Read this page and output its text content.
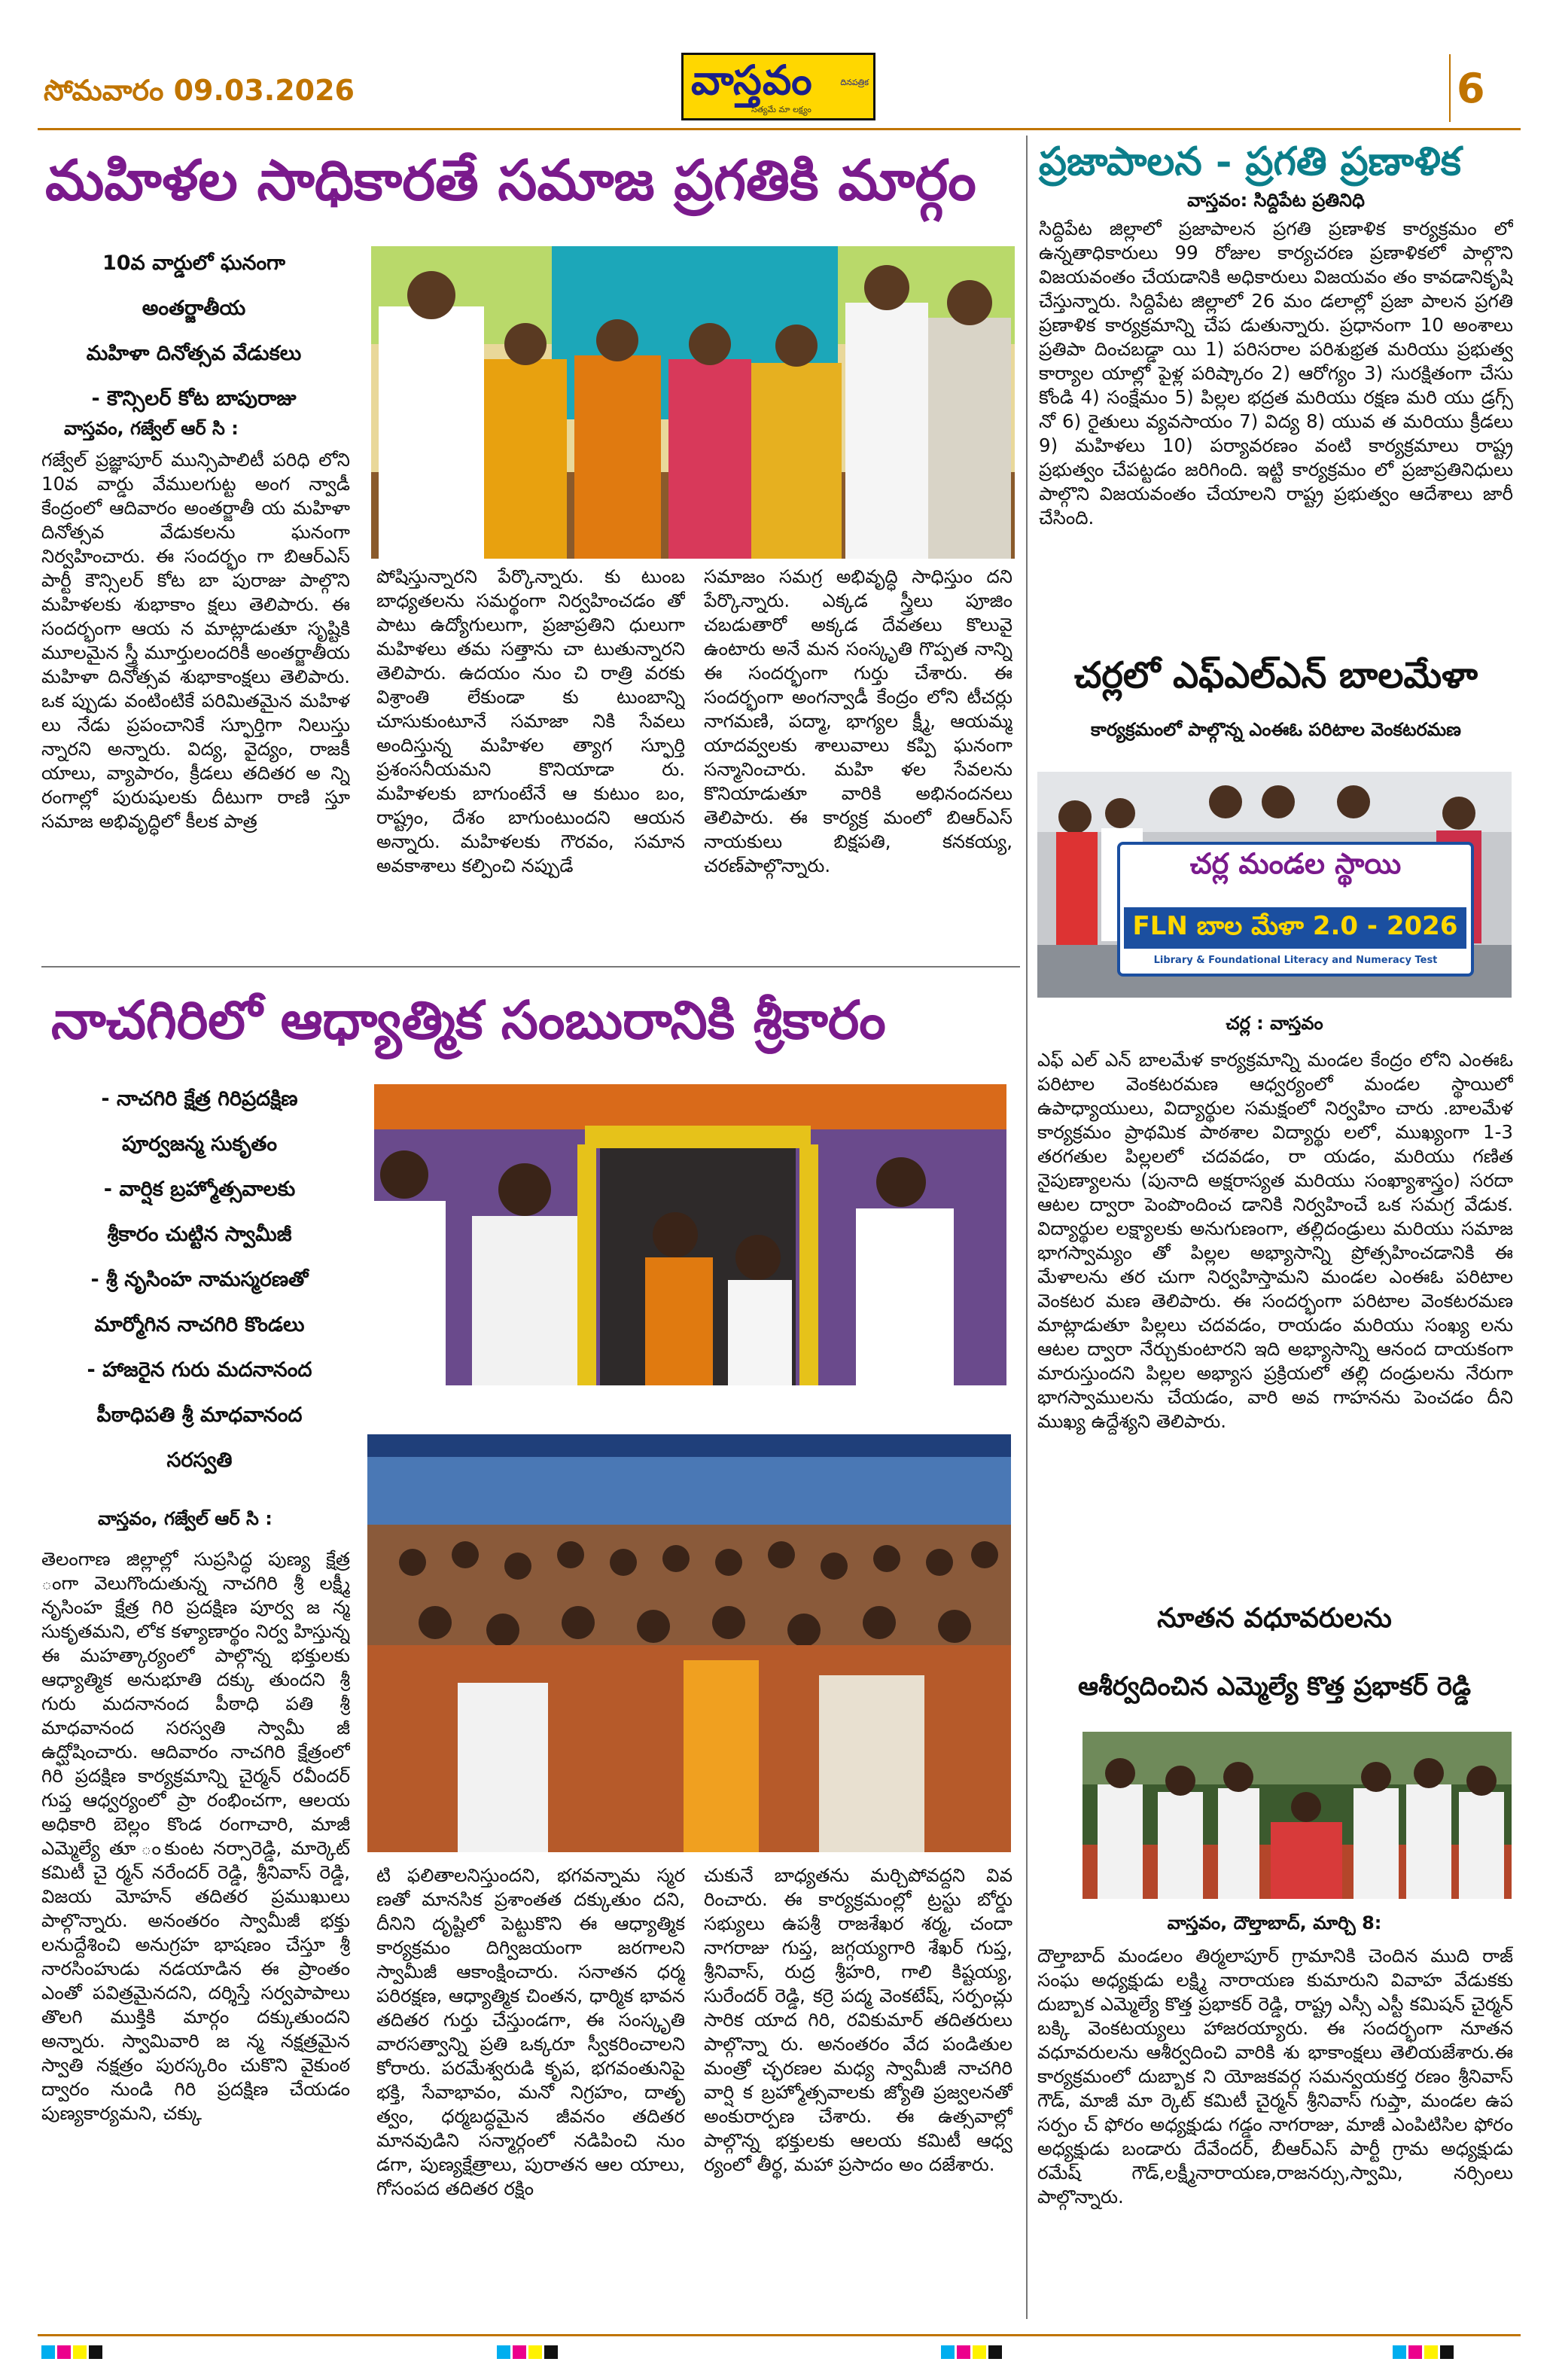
సోమవారం 09.03.2026	వాస్తవం	దినపత్రిక
సత్యమే మా లక్ష్యం	6
మహిళల సాధికారతే సమాజ ప్రగతికి మార్గం
10వ వార్డులో ఘనంగా
అంతర్జాతీయ
మహిళా దినోత్సవ వేడుకలు
- కౌన్సిలర్ కోట బాపురాజు
వాస్తవం, గజ్వేల్ ఆర్ సి :
గజ్వేల్ ప్రజ్ఞాపూర్ మున్సిపాలిటీ పరిధి లోని 10వ వార్డు వేములగుట్ట అంగ న్వాడీ కేంద్రంలో ఆదివారం అంతర్జాతీ య మహిళా దినోత్సవ వేడుకలను ఘనంగా నిర్వహించారు. ఈ సందర్భం గా బిఆర్ఎస్ పార్టీ కౌన్సిలర్ కోట బా పురాజు పాల్గొని మహిళలకు శుభాకాం క్షలు తెలిపారు. ఈ సందర్భంగా ఆయ న మాట్లాడుతూ సృష్టికి మూలమైన స్త్రీ మూర్తులందరికీ అంతర్జాతీయ మహిళా దినోత్సవ శుభాకాంక్షలు తెలిపారు. ఒక ప్పుడు వంటింటికే పరిమితమైన మహిళ లు నేడు ప్రపంచానికే స్ఫూర్తిగా నిలుస్తు న్నారని అన్నారు. విద్య, వైద్యం, రాజకీ యాలు, వ్యాపారం, క్రీడలు తదితర అ న్ని రంగాల్లో పురుషులకు దీటుగా రాణి స్తూ సమాజ అభివృద్ధిలో కీలక పాత్ర
పోషిస్తున్నారని పేర్కొన్నారు. కు టుంబ బాధ్యతలను సమర్థంగా నిర్వహించడం తో పాటు ఉద్యోగులుగా, ప్రజాప్రతిని ధులుగా మహిళలు తమ సత్తాను చా టుతున్నారని తెలిపారు. ఉదయం నుం చి రాత్రి వరకు విశ్రాంతి లేకుండా కు టుంబాన్ని చూసుకుంటూనే సమాజా నికి సేవలు అందిస్తున్న మహిళల త్యాగ స్ఫూర్తి ప్రశంసనీయమని కొనియాడా రు. మహిళలకు బాగుంటేనే ఆ కుటుం బం, రాష్ట్రం, దేశం బాగుంటుందని ఆయన అన్నారు. మహిళలకు గౌరవం, సమాన అవకాశాలు కల్పించి నప్పుడే
సమాజం సమగ్ర అభివృద్ధి సాధిస్తుం దని పేర్కొన్నారు. ఎక్కడ స్త్రీలు పూజిం చబడుతారో అక్కడ దేవతలు కొలువై ఉంటారు అనే మన సంస్కృతి గొప్పత నాన్ని ఈ సందర్భంగా గుర్తు చేశారు. ఈ సందర్భంగా అంగన్వాడీ కేంద్రం లోని టీచర్లు నాగమణి, పద్మా, భాగ్యల క్ష్మీ, ఆయమ్మ యాదవ్వలకు శాలువాలు కప్పి ఘనంగా సన్మానించారు. మహి ళల సేవలను కొనియాడుతూ వారికి అభినందనలు తెలిపారు. ఈ కార్యక్ర మంలో బిఆర్ఎస్ నాయకులు బిక్షపతి, కనకయ్య, చరణ్‌పాల్గొన్నారు.
ప్రజాపాలన - ప్రగతి ప్రణాళిక
వాస్తవం: సిద్దిపేట ప్రతినిధి
సిద్దిపేట జిల్లాలో ప్రజాపాలన ప్రగతి ప్రణాళిక కార్యక్రమం లో ఉన్నతాధికారులు 99 రోజుల కార్యచరణ ప్రణాళికలో పాల్గొని విజయవంతం చేయడానికి అధికారులు విజయవం తం కావడానికృషి చేస్తున్నారు. సిద్దిపేట జిల్లాలో 26 మం డలాల్లో ప్రజా పాలన ప్రగతి ప్రణాళిక కార్యక్రమాన్ని చేప డుతున్నారు. ప్రధానంగా 10 అంశాలు ప్రతిపా దించబడ్డా యి 1) పరిసరాల పరిశుభ్రత మరియు ప్రభుత్వ కార్యాల యాల్లో పైళ్ల పరిష్కారం 2) ఆరోగ్యం 3) సురక్షితంగా చేసు కోండి 4) సంక్షేమం 5) పిల్లల భద్రత మరియు రక్షణ మరి యు డ్రగ్స్ నో 6) రైతులు వ్యవసాయం 7) విద్య 8) యువ త మరియు క్రీడలు 9) మహిళలు 10) పర్యావరణం వంటి కార్యక్రమాలు రాష్ట్ర ప్రభుత్వం చేపట్టడం జరిగింది. ఇట్టి కార్యక్రమం లో ప్రజాప్రతినిధులు పాల్గొని విజయవంతం చేయాలని రాష్ట్ర ప్రభుత్వం ఆదేశాలు జారీ చేసింది.
చర్లలో ఎఫ్ఎల్ఎన్ బాలమేళా
కార్యక్రమంలో పాల్గొన్న ఎంఈఓ పరిటాల వెంకటరమణ
చర్ల మండల స్థాయి
FLN బాల మేళా 2.0 - 2026
Library & Foundational Literacy and Numeracy Test
చర్ల : వాస్తవం
ఎఫ్ ఎల్ ఎన్ బాలమేళ కార్యక్రమాన్ని మండల కేంద్రం లోని ఎంఈఓ పరిటాల వెంకటరమణ ఆధ్వర్యంలో మండల స్థాయిలో ఉపాధ్యాయులు, విద్యార్థుల సమక్షంలో నిర్వహిం చారు .బాలమేళ కార్యక్రమం ప్రాథమిక పాఠశాల విద్యార్థు లలో, ముఖ్యంగా 1-3 తరగతుల పిల్లలలో చదవడం, రా యడం, మరియు గణిత నైపుణ్యాలను (పునాది అక్షరాస్యత మరియు సంఖ్యాశాస్త్రం) సరదా ఆటల ద్వారా పెంపొందించ డానికి నిర్వహించే ఒక సమగ్ర వేడుక. విద్యార్థుల లక్ష్యాలకు అనుగుణంగా, తల్లిదండ్రులు మరియు సమాజ భాగస్వామ్యం తో పిల్లల అభ్యాసాన్ని ప్రోత్సహించడానికి ఈ మేళాలను తర చుగా నిర్వహిస్తామని మండల ఎంఈఓ పరిటాల వెంకటర మణ తెలిపారు. ఈ సందర్భంగా పరిటాల వెంకటరమణ మాట్లాడుతూ పిల్లలు చదవడం, రాయడం మరియు సంఖ్య లను ఆటల ద్వారా నేర్చుకుంటారని ఇది అభ్యాసాన్ని ఆనంద దాయకంగా మారుస్తుందని పిల్లల అభ్యాస ప్రక్రియలో తల్లి దండ్రులను నేరుగా భాగస్వాములను చేయడం, వారి అవ గాహనను పెంచడం దీని ముఖ్య ఉద్దేశ్యని తెలిపారు.
నూతన వధూవరులను
ఆశీర్వదించిన ఎమ్మెల్యే కొత్త ప్రభాకర్ రెడ్డి
వాస్తవం, దౌల్తాబాద్, మార్చి 8:
దౌల్తాబాద్ మండలం తిర్మలాపూర్ గ్రామానికి చెందిన ముది రాజ్ సంఘ అధ్యక్షుడు లక్ష్మి నారాయణ కుమారుని వివాహ వేడుకకు దుబ్బాక ఎమ్మెల్యే కొత్త ప్రభాకర్ రెడ్డి, రాష్ట్ర ఎస్సీ ఎస్టీ కమిషన్ చైర్మన్ బక్కి వెంకటయ్యలు హాజరయ్యారు. ఈ సందర్భంగా నూతన వధూవరులను ఆశీర్వదించి వారికి శు భాకాంక్షలు తెలియజేశారు.ఈ కార్యక్రమంలో దుబ్బాక ని యోజకవర్గ సమన్వయకర్త రణం శ్రీనివాస్ గౌడ్, మాజీ మా ర్కెట్ కమిటీ చైర్మన్ శ్రీనివాస్ గుప్తా, మండల ఉప సర్పం చ్ ఫోరం అధ్యక్షుడు గడ్డం నాగరాజు, మాజీ ఎంపిటిసిల ఫోరం అధ్యక్షుడు బండారు దేవేందర్, బీఆర్ఎస్ పార్టీ గ్రామ అధ్యక్షుడు రమేష్ గౌడ్,లక్ష్మీనారాయణ,రాజనర్సు,స్వామి, నర్సింలు పాల్గొన్నారు.
నాచగిరిలో ఆధ్యాత్మిక సంబురానికి శ్రీకారం
- నాచగిరి క్షేత్ర గిరిప్రదక్షిణ
పూర్వజన్మ సుకృతం
- వార్షిక బ్రహ్మోత్సవాలకు
శ్రీకారం చుట్టిన స్వామీజీ
- శ్రీ నృసింహ నామస్మరణతో
మార్మోగిన నాచగిరి కొండలు
- హాజరైన గురు మదనానంద
పీఠాధిపతి శ్రీ మాధవానంద
సరస్వతి
వాస్తవం, గజ్వేల్ ఆర్ సి :
తెలంగాణ జిల్లాల్లో సుప్రసిద్ధ పుణ్య క్షేత్ర ంగా వెలుగొందుతున్న నాచగిరి శ్రీ లక్ష్మీ నృసింహ క్షేత్ర గిరి ప్రదక్షిణ పూర్వ జ న్మ సుకృతమని, లోక కళ్యాణార్థం నిర్వ హిస్తున్న ఈ మహత్కార్యంలో పాల్గొన్న భక్తులకు ఆధ్యాత్మిక అనుభూతి దక్కు తుందని శ్రీ గురు మదనానంద పీఠాధి పతి శ్రీ మాధవానంద సరస్వతి స్వామీ జీ ఉద్ఘోషించారు. ఆదివారం నాచగిరి క్షేత్రంలో గిరి ప్రదక్షిణ కార్యక్రమాన్ని చైర్మన్ రవీందర్ గుప్త ఆధ్వర్యంలో ప్రా రంభించగా, ఆలయ అధికారి బెల్లం కొండ రంగాచారి, మాజీ ఎమ్మెల్యే తూ ంకుంట నర్సారెడ్డి, మార్కెట్ కమిటీ చై ర్మన్ నరేందర్ రెడ్డి, శ్రీనివాస్ రెడ్డి, విజయ మోహన్ తదితర ప్రముఖులు పాల్గొన్నారు. అనంతరం స్వామీజీ భక్తు లనుద్దేశించి అనుగ్రహ భాషణం చేస్తూ శ్రీ నారసింహుడు నడయాడిన ఈ ప్రాంతం ఎంతో పవిత్రమైనదని, దర్శిస్తే సర్వపాపాలు తొలగి ముక్తికి మార్గం దక్కుతుందని అన్నారు. స్వామివారి జ న్మ నక్షత్రమైన స్వాతి నక్షత్రం పురస్కరిం చుకొని వైకుంఠ ద్వారం నుండి గిరి ప్రదక్షిణ చేయడం పుణ్యకార్యమని, చక్కు
టి ఫలితాలనిస్తుందని, భగవన్నామ స్మర ణతో మానసిక ప్రశాంతత దక్కుతుం దని, దీనిని దృష్టిలో పెట్టుకొని ఈ ఆధ్యాత్మిక కార్యక్రమం దిగ్విజయంగా జరగాలని స్వామీజీ ఆకాంక్షించారు. సనాతన ధర్మ పరిరక్షణ, ఆధ్యాత్మిక చింతన, ధార్మిక భావన తదితర గుర్తు చేస్తుండగా, ఈ సంస్కృతి వారసత్వాన్ని ప్రతి ఒక్కరూ స్వీకరించాలని కోరారు. పరమేశ్వరుడి కృప, భగవంతునిపై భక్తి, సేవాభావం, మనో నిగ్రహం, దాతృ త్వం, ధర్మబద్ధమైన జీవనం తదితర మానవుడిని సన్మార్గంలో నడిపించి నుం డగా, పుణ్యక్షేత్రాలు, పురాతన ఆల యాలు, గోసంపద తదితర రక్షిం
చుకునే బాధ్యతను మర్చిపోవద్దని వివ రించారు. ఈ కార్యక్రమంల్లో ట్రస్టు బోర్డు సభ్యులు ఉపశ్రీ రాజశేఖర శర్మ, చందా నాగరాజు గుప్త, జగ్గయ్యగారి శేఖర్ గుప్త, శ్రీనివాస్, రుద్ర శ్రీహరి, గాలి కిష్టయ్య, సురేందర్ రెడ్డి, కర్రె పద్మ వెంకటేష్, సర్పంచ్లు సారిక యాద గిరి, రవికుమార్ తదితరులు పాల్గొన్నా రు. అనంతరం వేద పండితుల మంత్రో చ్ఛరణల మధ్య స్వామీజీ నాచగిరి వార్షి క బ్రహ్మోత్సవాలకు జ్యోతి ప్రజ్వలనతో అంకురార్పణ చేశారు. ఈ ఉత్సవాల్లో పాల్గొన్న భక్తులకు ఆలయ కమిటీ ఆధ్వ ర్యంలో తీర్థ, మహా ప్రసాదం అం దజేశారు.
